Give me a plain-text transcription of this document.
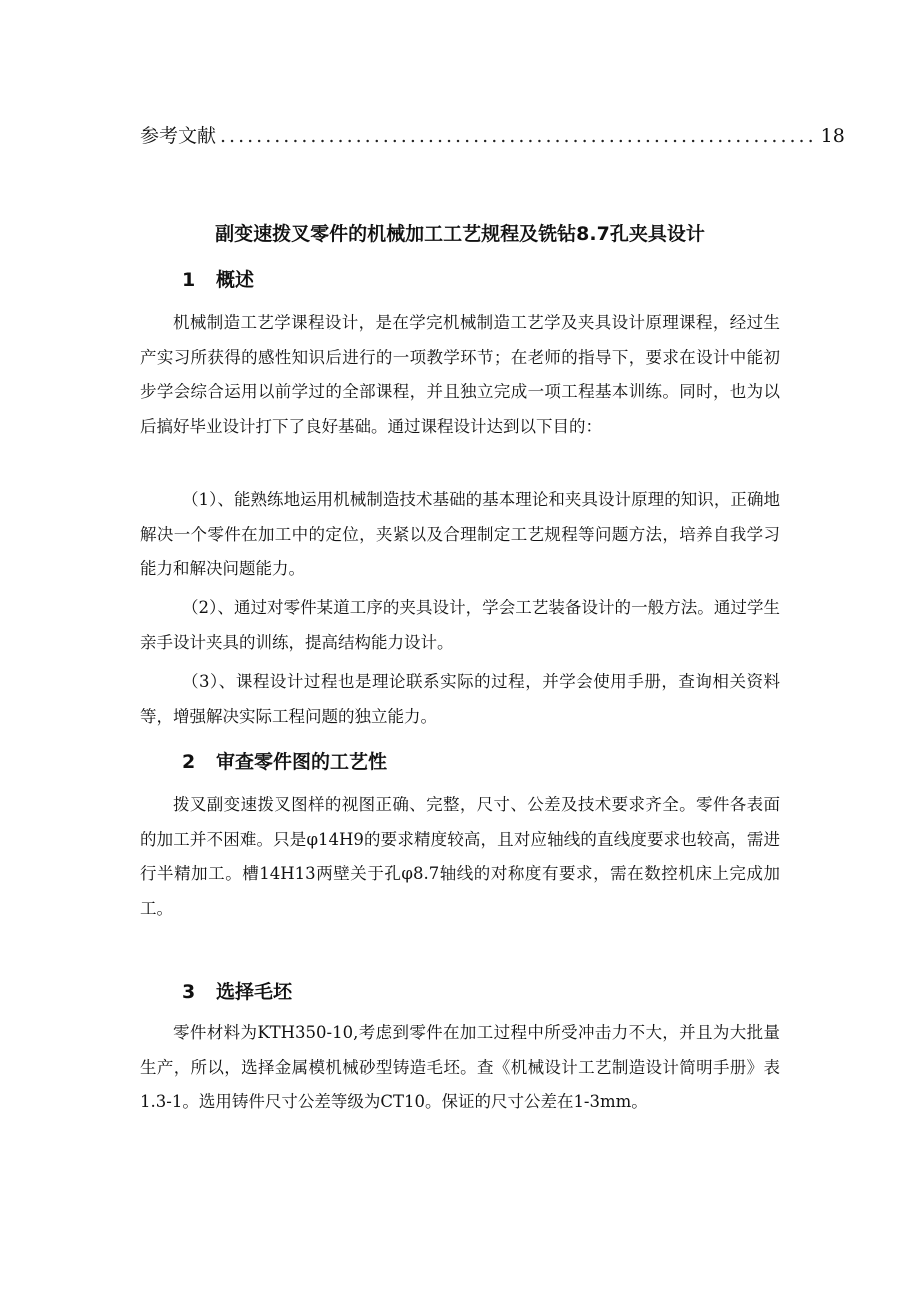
参考文献 .................................................................. 18
副变速拨叉零件的机械加工工艺规程及铣钻8.7孔夹具设计
1 概述

机械制造工艺学课程设计，是在学完机械制造工艺学及夹具设计原理课程，经过生产实习所获得的感性知识后进行的一项教学环节；在老师的指导下，要求在设计中能初步学会综合运用以前学过的全部课程，并且独立完成一项工程基本训练。同时，也为以后搞好毕业设计打下了良好基础。通过课程设计达到以下目的：

（1）、能熟练地运用机械制造技术基础的基本理论和夹具设计原理的知识，正确地解决一个零件在加工中的定位，夹紧以及合理制定工艺规程等问题方法，培养自我学习能力和解决问题能力。

（2）、通过对零件某道工序的夹具设计，学会工艺装备设计的一般方法。通过学生亲手设计夹具的训练，提高结构能力设计。

（3）、课程设计过程也是理论联系实际的过程，并学会使用手册，查询相关资料等，增强解决实际工程问题的独立能力。

2 审查零件图的工艺性

拨叉副变速拨叉图样的视图正确、完整，尺寸、公差及技术要求齐全。零件各表面的加工并不困难。只是φ14H9的要求精度较高，且对应轴线的直线度要求也较高，需进行半精加工。槽14H13两壁关于孔φ8.7轴线的对称度有要求，需在数控机床上完成加工。

3 选择毛坯

零件材料为KTH350-10,考虑到零件在加工过程中所受冲击力不大，并且为大批量生产，所以，选择金属模机械砂型铸造毛坯。查《机械设计工艺制造设计简明手册》表1.3-1。选用铸件尺寸公差等级为CT10。保证的尺寸公差在1-3mm。
